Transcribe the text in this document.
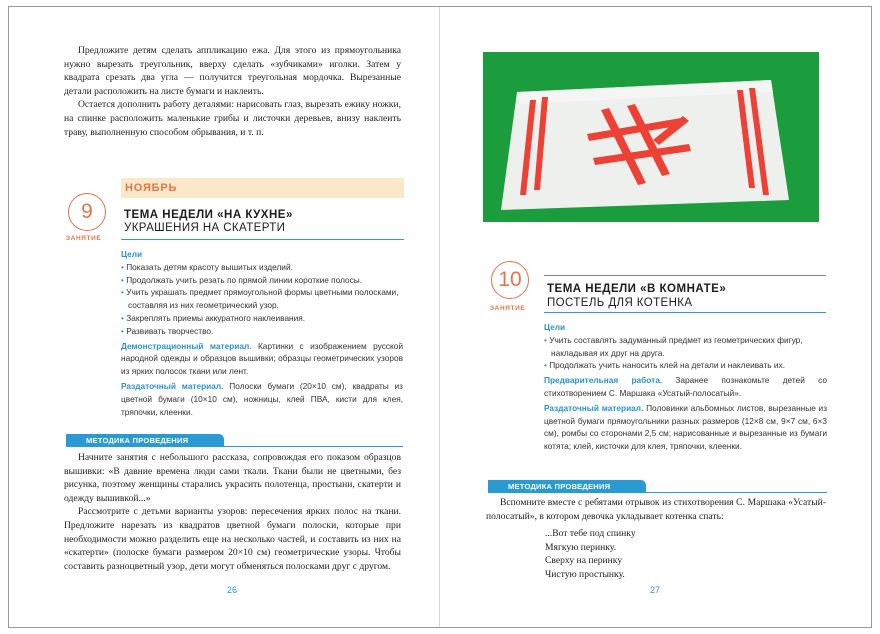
Предложите детям сделать аппликацию ежа. Для этого из прямоугольника нужно вырезать треугольник, вверху сделать «зубчиками» иголки. Затем у квадрата срезать два угла — получится треугольная мордочка. Вырезанные детали расположить на листе бумаги и наклеить.

Остается дополнить работу деталями: нарисовать глаз, вырезать ежику ножки, на спинке расположить маленькие грибы и листочки деревьев, внизу наклеить траву, выполненную способом обрывания, и т. п.

НОЯБРЬ
9
ЗАНЯТИЕ
ТЕМА НЕДЕЛИ «НА КУХНЕ»
УКРАШЕНИЯ НА СКАТЕРТИ
Цели
• Показать детям красоту вышитых изделий.
• Продолжать учить резать по прямой линии короткие полосы.
• Учить украшать предмет прямоугольной формы цветными полосками, составляя из них геометрический узор.
• Закреплять приемы аккуратного наклеивания.
• Развивать творчество.

Демонстрационный материал. Картинки с изображением русской народной одежды и образцов вышивки; образцы геометрических узоров из ярких полосок ткани или лент.

Раздаточный материал. Полоски бумаги (20×10 см), квадраты из цветной бумаги (10×10 см), ножницы, клей ПВА, кисти для клея, тряпочки, клеенки.

МЕТОДИКА ПРОВЕДЕНИЯ

Начните занятия с небольшого рассказа, сопровождая его показом образцов вышивки: «В давние времена люди сами ткали. Ткани были не цветными, без рисунка, поэтому женщины старались украсить полотенца, простыни, скатерти и одежду вышивкой...»

Рассмотрите с детьми варианты узоров: пересечения ярких полос на ткани. Предложите нарезать из квадратов цветной бумаги полоски, которые при необходимости можно разделить еще на несколько частей, и составить из них на «скатерти» (полоске бумаги размером 20×10 см) геометрические узоры. Чтобы составить разноцветный узор, дети могут обменяться полосками друг с другом.

26
10
ЗАНЯТИЕ
ТЕМА НЕДЕЛИ «В КОМНАТЕ»
ПОСТЕЛЬ ДЛЯ КОТЕНКА
Цели
• Учить составлять задуманный предмет из геометрических фигур, накладывая их друг на друга.
• Продолжать учить наносить клей на детали и наклеивать их.

Предварительная работа. Заранее познакомьте детей со стихотворением С. Маршака «Усатый-полосатый».

Раздаточный материал. Половинки альбомных листов, вырезанные из цветной бумаги прямоугольники разных размеров (12×8 см, 9×7 см, 6×3 см), ромбы со сторонами 2,5 см; нарисованные и вырезанные из бумаги котята; клей, кисточки для клея, тряпочки, клеенки.

МЕТОДИКА ПРОВЕДЕНИЯ

Вспомните вместе с ребятами отрывок из стихотворения С. Маршака «Усатый-полосатый», в котором девочка укладывает котенка спать:

...Вот тебе под спинку
Мягкую перинку.
Сверху на перинку
Чистую простынку.
27
